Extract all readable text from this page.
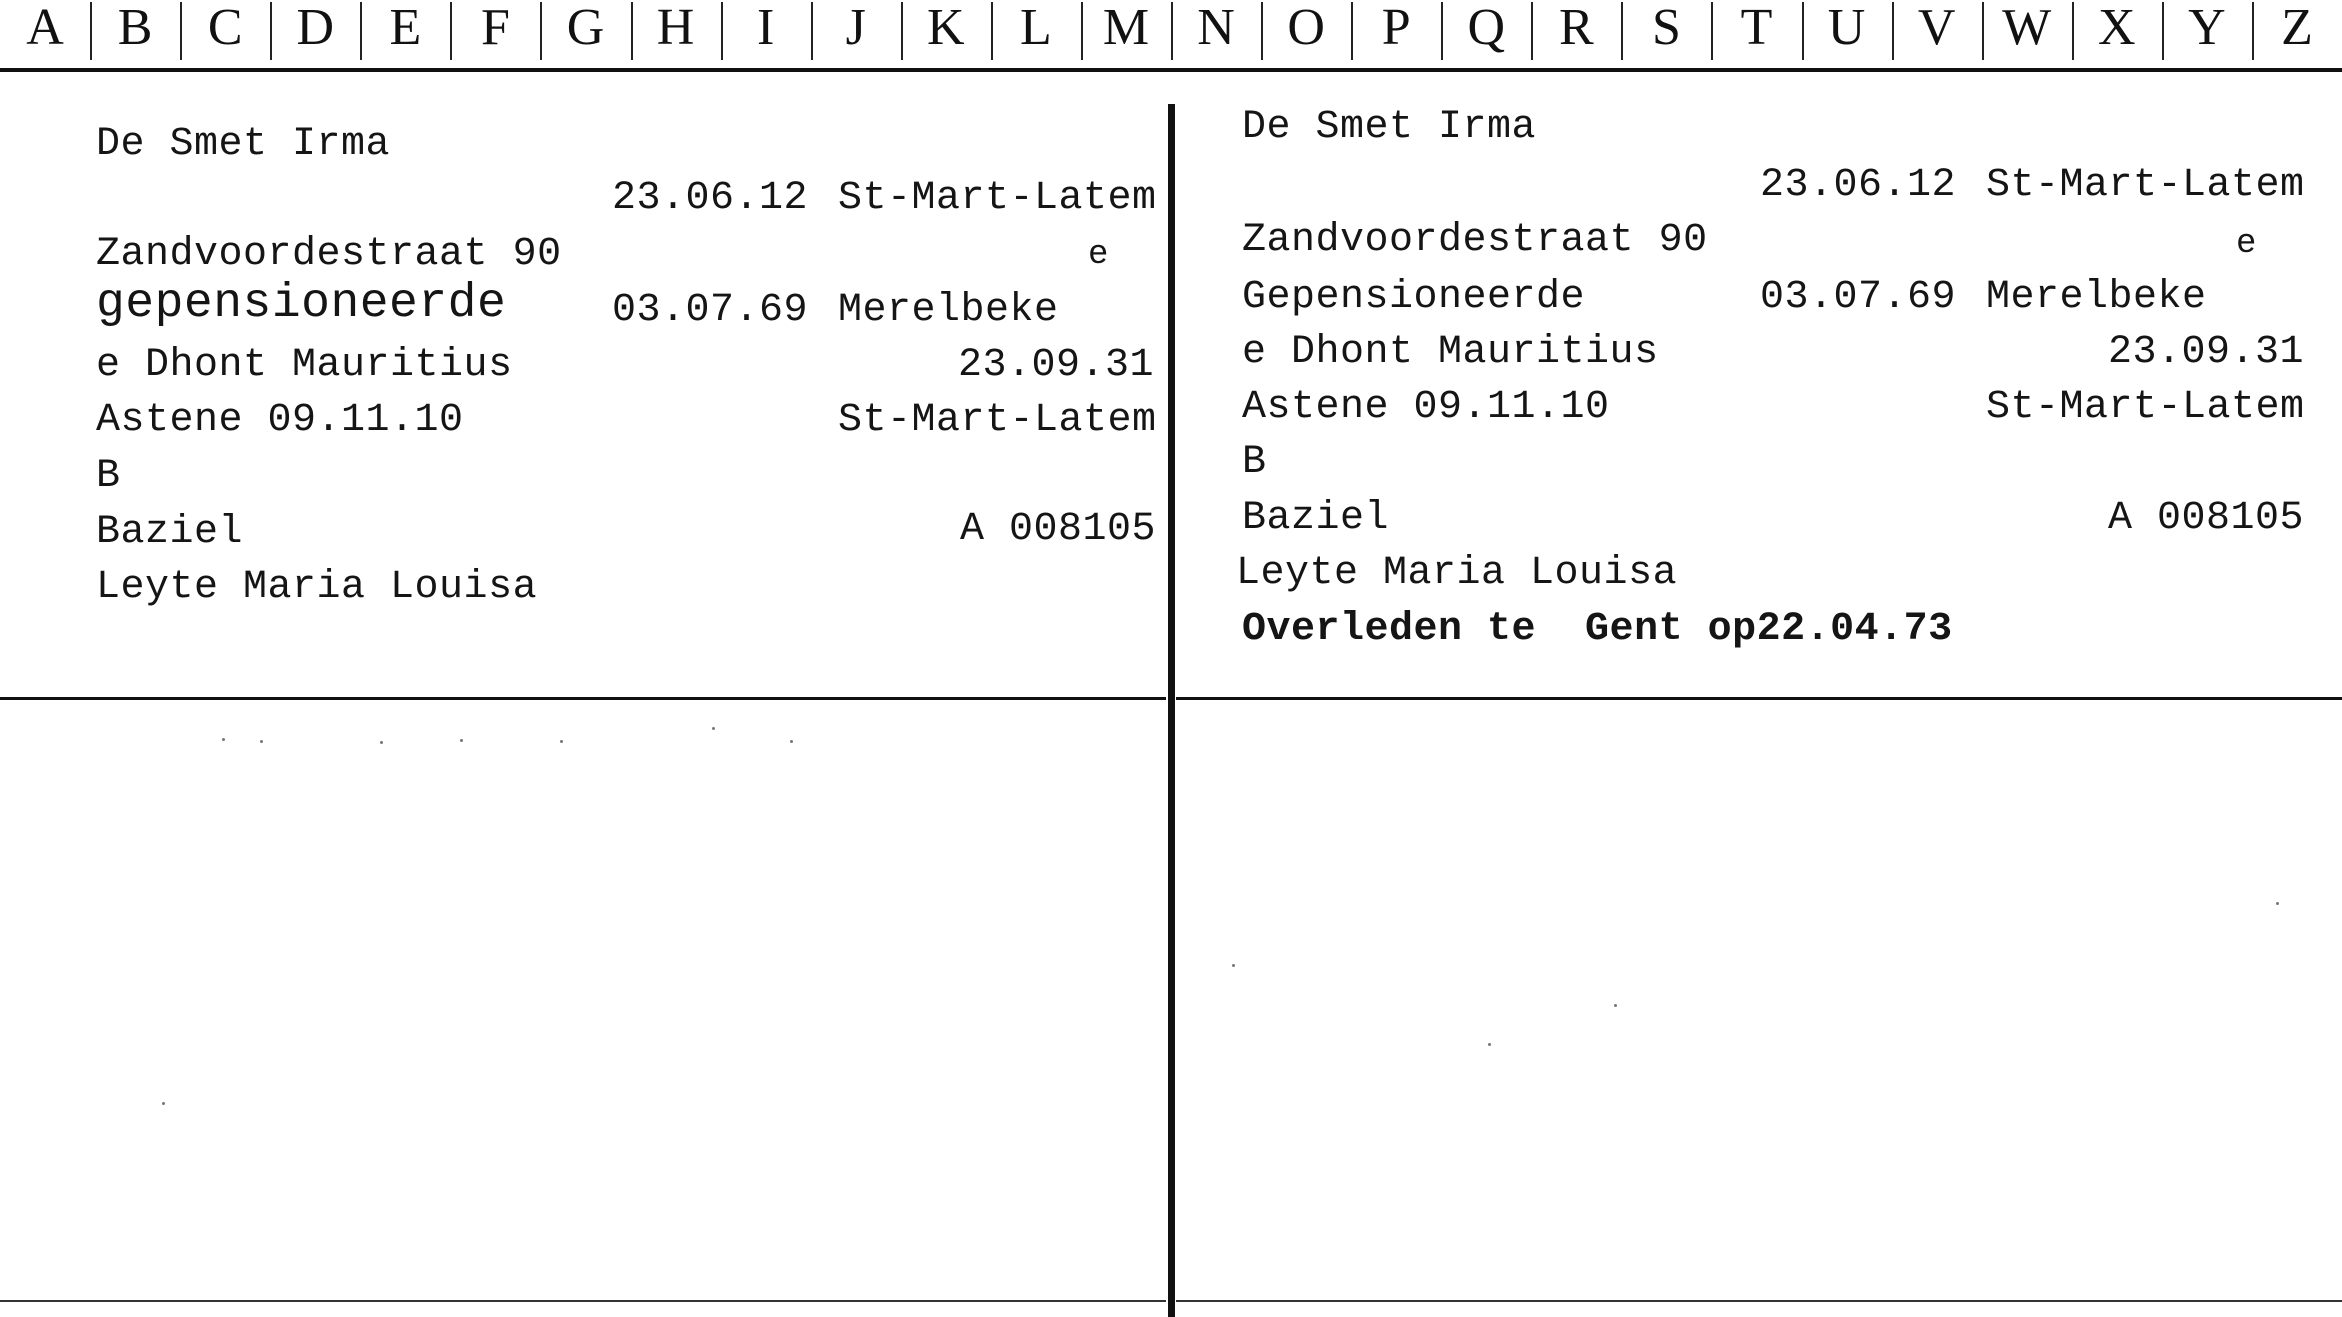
A	B	C	D	E	F	G	H	I	J	K	L M N	O	P	Q	R	S	T	U	V W X	Y	Z
De Smet Irma
23.06.12 St-Mart-Latem
Zandvoordestraat 90	e
gepensioneerde	03.07.69 Merelbeke
e Dhont Mauritius	23.09.31
Astene 09.11.10	St-Mart-Latem
B
Baziel	A 008105
Leyte Maria Louisa
De Smet Irma
23.06.12 St-Mart-Latem
Zandvoordestraat 90	e
Gepensioneerde	03.07.69 Merelbeke
e Dhont Mauritius	23.09.31
Astene 09.11.10	St-Mart-Latem
B
Baziel	A 008105
Leyte Maria Louisa
Overleden te  Gent op22.04.73
